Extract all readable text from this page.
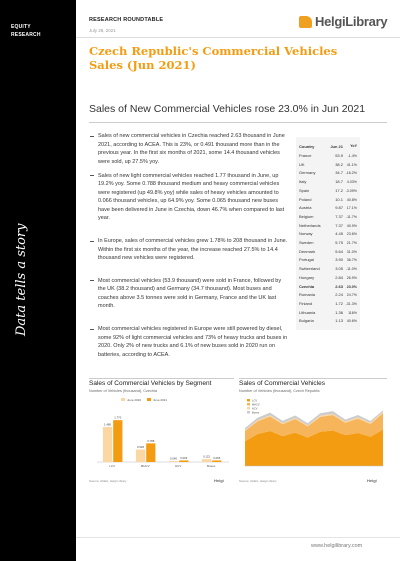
EQUITY
RESEARCH
Data tells a story
RESEARCH ROUNDTABLE
July 28, 2021
HelgiLibrary
Czech Republic's Commercial Vehicles Sales (Jun 2021)
Sales of New Commercial Vehicles rose 23.0% in Jun 2021
Sales of new commercial vehicles in Czechia reached 2.63 thousand in June 2021, according to ACEA. This is 23%, or 0.491 thousand more than in the previous year. In the first six months of 2021, some 14.4 thousand vehicles were sold, up 27.5% yoy.
Sales of new light commercial vehicles reached 1.77 thousand in June, up 19.2% yoy. Some 0.788 thousand medium and heavy commercial vehicles were registered (up 49.8% yoy) while sales of heavy vehicles amounted to 0.066 thousand vehicles, up 64.9% yoy. Some 0.065 thousand new buses have been delivered in June in Czechia, down 46.7% when compared to last year.
In Europe, sales of commercial vehicles grew 1.78% to 208 thousand in June. Within the first six months of the year, the increase reached 27.5% to 14.4 thousand new vehicles were registered.
Most commercial vehicles (53.9 thousand) were sold in France, followed by the UK (38.2 thousand) and Germany (34.7 thousand). Most buses and coaches above 3.5 tonnes were sold in Germany, France and the UK last month.
Most commercial vehicles registered in Europe were still powered by diesel, some 92% of light commercial vehicles and 73% of heavy trucks and buses in 2020. Only 2% of new trucks and 6.1% of new buses sold in 2020 run on batteries, according to ACEA.
Country	Jun 21	YoY
France	53.9	-1.4%
UK	38.2	41.1%
Germany	34.7 -16.2%
Italy	18.7	4.03%
Spain	17.2 -3.09%
Poland	10.1	40.8%
Austria	9.87	17.1%
Belgium	7.37 -11.7%
Netherlands	7.37	40.9%
Norway	4.45	23.6%
Sweden	5.75	21.7%
Denmark	5.64	31.0%
Portugal	3.90	36.7%
Switzerland	3.05 -11.0%
Hungary	2.84	26.9%
Czechia	2.63	23.0%
Romania	2.24	24.7%
Finland	1.72 -31.3%
Lithuania	1.36	116%
Bulgaria	1.13	40.6%
Sales of Commercial Vehicles by Segment
Number of Vehicles (thousand), Czechia
June 2020	June 2021
1.480
1.770
LCV
0.526
0.788
MHCV
0.040 0.066
HCV
0.122 0.065
Buses
Source: ACEA, Helgi Library	Helgi
Sales of Commercial Vehicles
Number of Vehicles (thousand), Czech Republic
LCV
MHCV
HCV
Buses
Source: ACEA, Helgi Library	Helgi
www.helgilibrary.com
